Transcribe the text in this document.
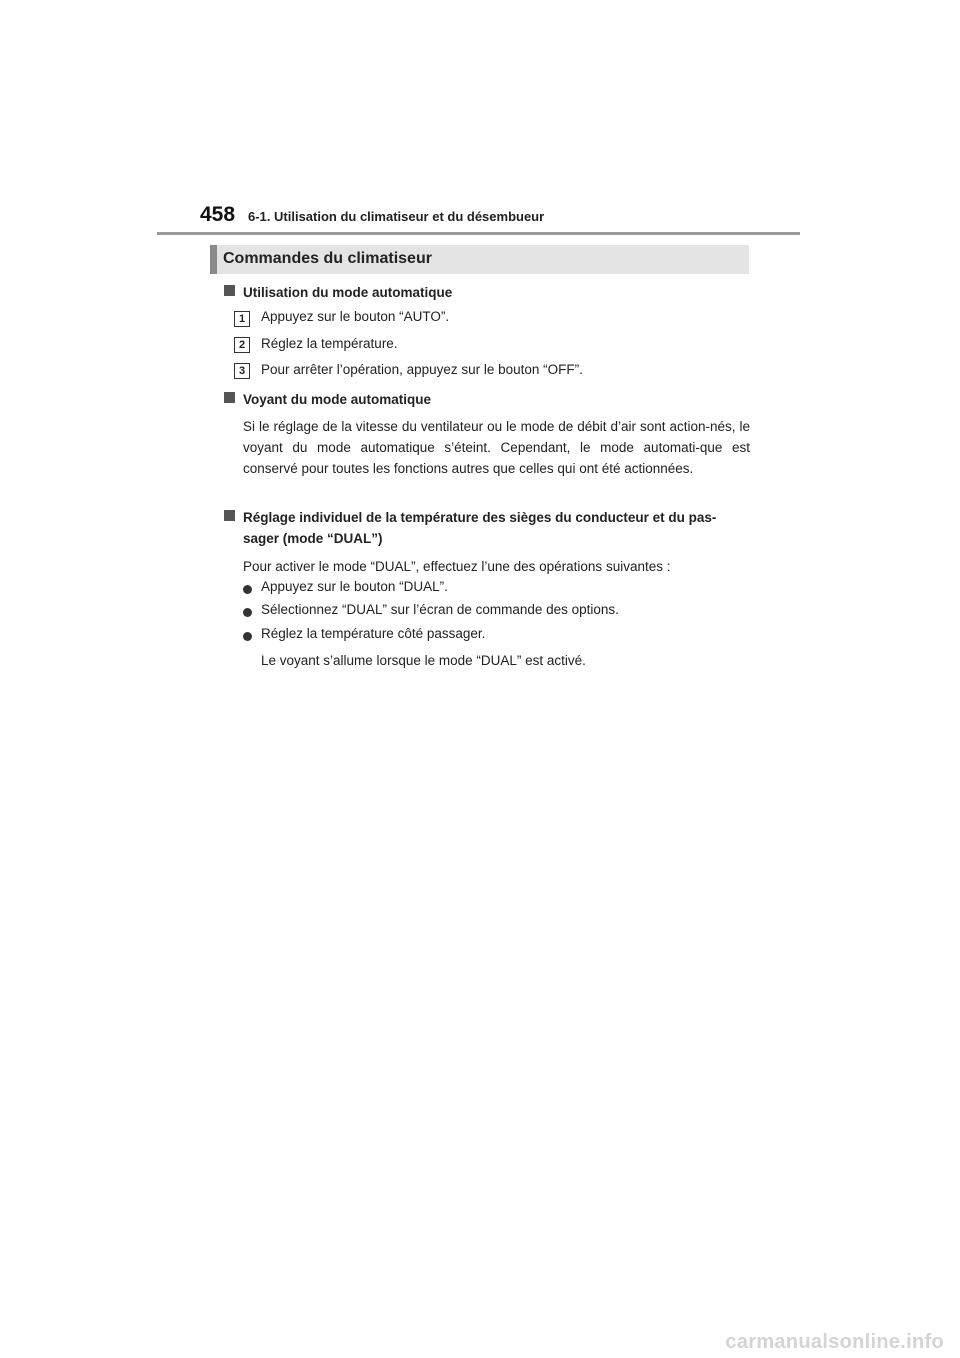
458 6-1. Utilisation du climatiseur et du désembueur
Commandes du climatiseur
Utilisation du mode automatique
1	Appuyez sur le bouton “AUTO”.
2	Réglez la température.
3	Pour arrêter l’opération, appuyez sur le bouton “OFF”.
Voyant du mode automatique
Si le réglage de la vitesse du ventilateur ou le mode de débit d’air sont action-nés, le voyant du mode automatique s’éteint. Cependant, le mode automati-que est conservé pour toutes les fonctions autres que celles qui ont été actionnées.
Réglage individuel de la température des sièges du conducteur et du pas-
sager (mode “DUAL”)
Pour activer le mode “DUAL”, effectuez l’une des opérations suivantes :
Appuyez sur le bouton “DUAL”.
Sélectionnez “DUAL” sur l’écran de commande des options.
Réglez la température côté passager.
Le voyant s’allume lorsque le mode “DUAL” est activé.
carmanualsonline.info
